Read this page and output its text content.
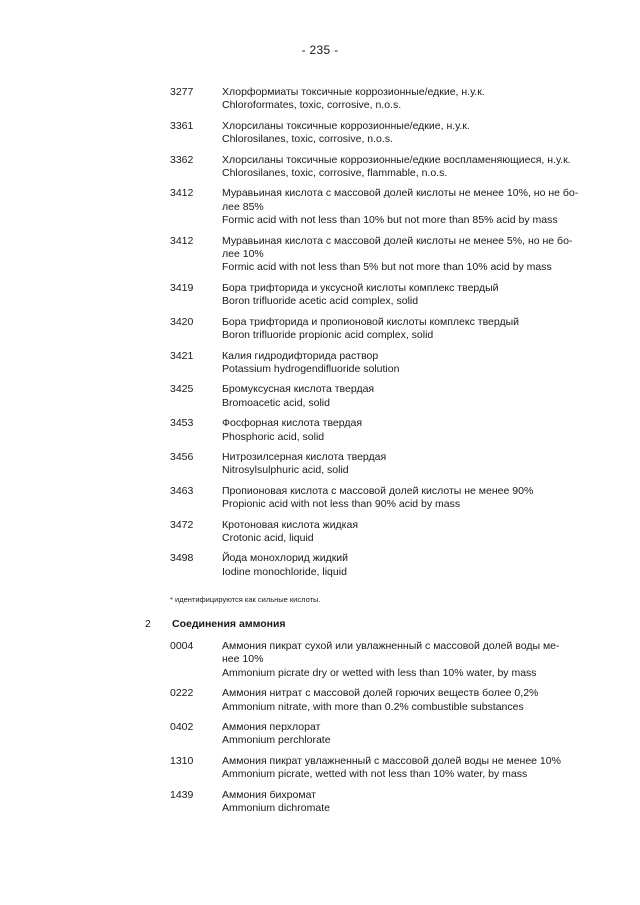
- 235 -
3277	Хлорформиаты токсичные коррозионные/едкие, н.у.к.
Chloroformates, toxic, corrosive, n.o.s.
3361	Хлорсиланы токсичные коррозионные/едкие, н.у.к.
Chlorosilanes, toxic, corrosive, n.o.s.
3362	Хлорсиланы токсичные коррозионные/едкие воспламеняющиеся, н.у.к.
Chlorosilanes, toxic, corrosive, flammable, n.o.s.
3412	Муравьиная кислота с массовой долей кислоты не менее 10%, но не бо-
лее 85%
Formic acid with not less than 10% but not more than 85% acid by mass
3412	Муравьиная кислота с массовой долей кислоты не менее 5%, но не бо-
лее 10%
Formic acid with not less than 5% but not more than 10% acid by mass
3419	Бора трифторида и уксусной кислоты комплекс твердый
Boron trifluoride acetic acid complex, solid
3420	Бора трифторида и пропионовой кислоты комплекс твердый
Boron trifluoride propionic acid complex, solid
3421	Калия гидродифторида раствор
Potassium hydrogendifluoride solution
3425	Бромуксусная кислота твердая
Bromoacetic acid, solid
3453	Фосфорная кислота твердая
Phosphoric acid, solid
3456	Нитрозилсерная кислота твердая
Nitrosylsulphuric acid, solid
3463	Пропионовая кислота с массовой долей кислоты не менее 90%
Propionic acid with not less than 90% acid by mass
3472	Кротоновая кислота жидкая
Crotonic acid, liquid
3498	Йода монохлорид жидкий
Iodine monochloride, liquid
* идентифицируются как сильные кислоты.
2	Соединения аммония
0004	Аммония пикрат сухой или увлажненный с массовой долей воды ме-
нее 10%
Ammonium picrate dry or wetted with less than 10% water, by mass
0222	Аммония нитрат с массовой долей горючих веществ более 0,2%
Ammonium nitrate, with more than 0.2% combustible substances
0402	Аммония перхлорат
Ammonium perchlorate
1310	Аммония пикрат увлажненный с массовой долей воды не менее 10%
Ammonium picrate, wetted with not less than 10% water, by mass
1439	Аммония бихромат
Ammonium dichromate
